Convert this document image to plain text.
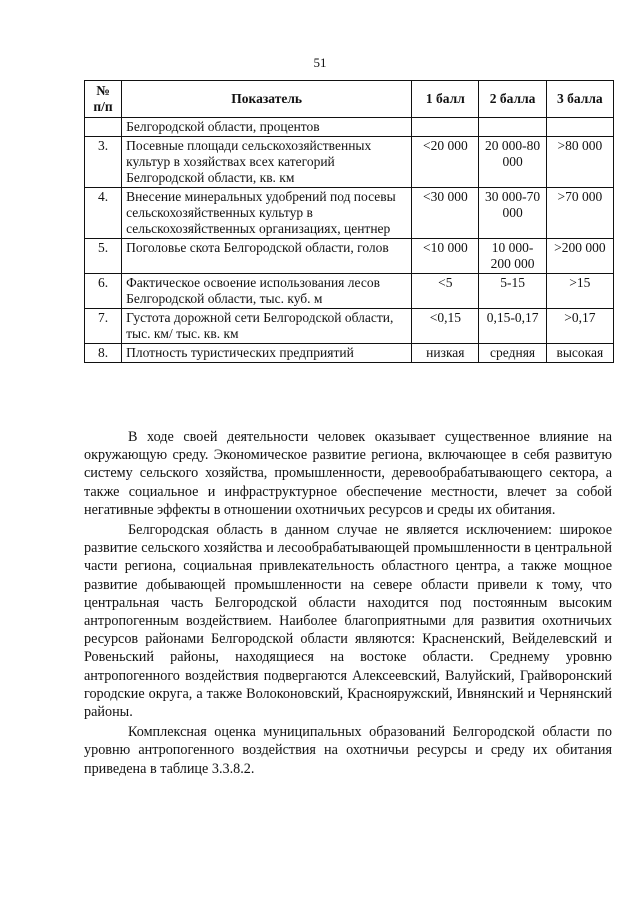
51
№ п/п	Показатель	1 балл	2 балла	3 балла
	Белгородской области, процентов			
3.	Посевные площади сельскохозяйственных культур в хозяйствах всех категорий Белгородской области, кв. км	<20 000	20 000-80 000	>80 000
4.	Внесение минеральных удобрений под посевы сельскохозяйственных культур в сельскохозяйственных организациях, центнер	<30 000	30 000-70 000	>70 000
5.	Поголовье скота Белгородской области, голов	<10 000	10 000-200 000	>200 000
6.	Фактическое освоение использования лесов Белгородской области, тыс. куб. м	<5	5-15	>15
7.	Густота дорожной сети Белгородской области, тыс. км/ тыс. кв. км	<0,15	0,15-0,17	>0,17
8.	Плотность туристических предприятий	низкая	средняя	высокая

В ходе своей деятельности человек оказывает существенное влияние на окружающую среду. Экономическое развитие региона, включающее в себя развитую систему сельского хозяйства, промышленности, деревообрабатывающего сектора, а также социальное и инфраструктурное обеспечение местности, влечет за собой негативные эффекты в отношении охотничьих ресурсов и среды их обитания.

Белгородская область в данном случае не является исключением: широкое развитие сельского хозяйства и лесообрабатывающей промышленности в центральной части региона, социальная привлекательность областного центра, а также мощное развитие добывающей промышленности на севере области привели к тому, что центральная часть Белгородской области находится под постоянным высоким антропогенным воздействием. Наиболее благоприятными для развития охотничьих ресурсов районами Белгородской области являются: Красненский, Вейделевский и Ровеньский районы, находящиеся на востоке области. Среднему уровню антропогенного воздействия подвергаются Алексеевский, Валуйский, Грайворонский городские округа, а также Волоконовский, Краснояружский, Ивнянский и Чернянский районы.

Комплексная оценка муниципальных образований Белгородской области по уровню антропогенного воздействия на охотничьи ресурсы и среду их обитания приведена в таблице 3.3.8.2.
